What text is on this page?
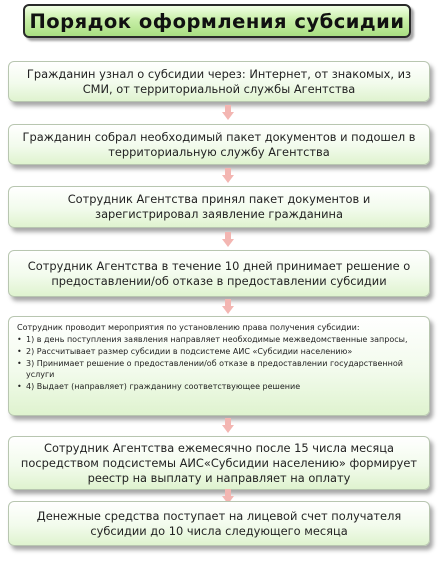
Порядок оформления субсидии
Гражданин узнал о субсидии через: Интернет, от знакомых, из СМИ, от территориальной службы Агентства
Гражданин собрал необходимый пакет документов и подошел в территориальную службу Агентства
Сотрудник Агентства принял пакет документов и зарегистрировал заявление гражданина
Сотрудник Агентства в течение 10 дней принимает решение о предоставлении/об отказе в предоставлении субсидии
Сотрудник проводит мероприятия по установлению права получения субсидии:
• 1) в день поступления заявления направляет необходимые межведомственные запросы,
• 2) Рассчитывает размер субсидии в подсистеме АИС «Субсидии населению»
• 3) Принимает решение о предоставлении/об отказе в предоставлении государственной услуги
• 4) Выдает (направляет) гражданину соответствующее решение
Сотрудник Агентства ежемесячно после 15 числа месяца посредством подсистемы АИС«Субсидии населению» формирует реестр на выплату и направляет на оплату
Денежные средства поступает на лицевой счет получателя субсидии до 10 числа следующего месяца
